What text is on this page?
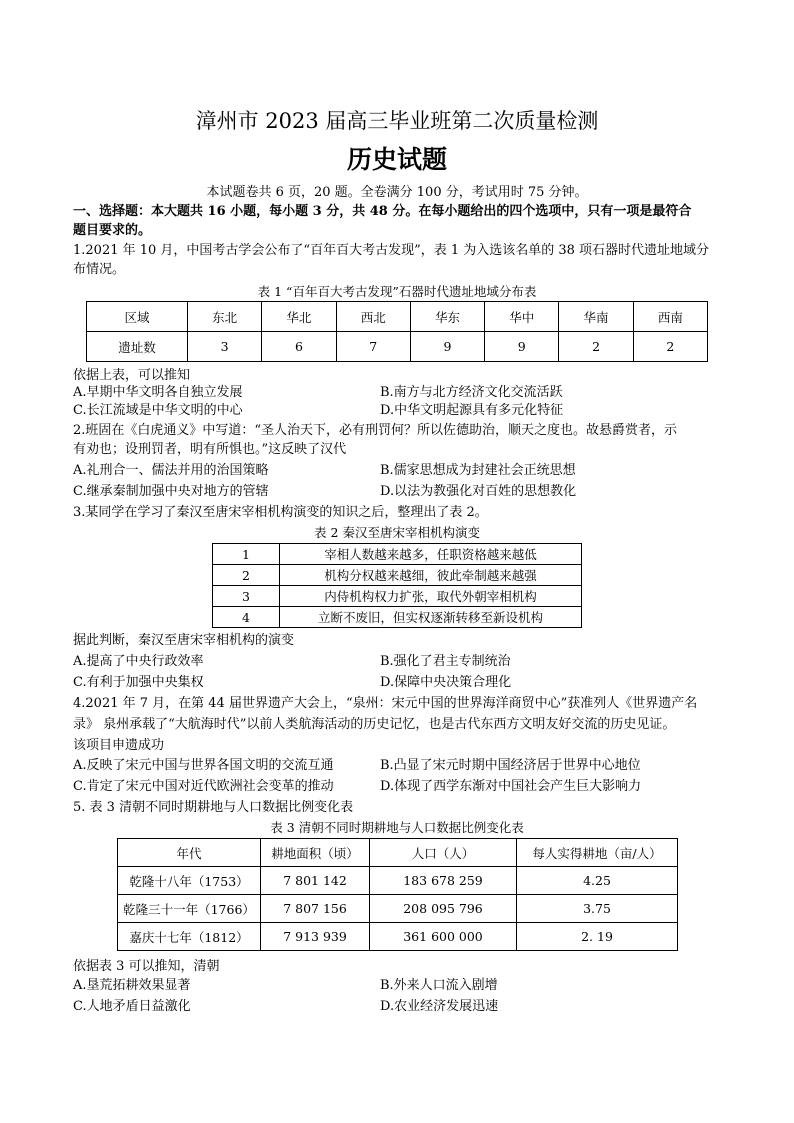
漳州市 2023 届高三毕业班第二次质量检测
历史试题
本试题卷共 6 页，20 题。全卷满分 100 分，考试用时 75 分钟。
一、选择题：本大题共 16 小题，每小题 3 分，共 48 分。在每小题给出的四个选项中，只有一项是最符合
题目要求的。
1.2021 年 10 月，中国考古学会公布了“百年百大考古发现”，表 1 为入选该名单的 38 项石器时代遗址地域分
布情况。
表 1 “百年百大考古发现”石器时代遗址地域分布表
区域	东北	华北	西北	华东	华中	华南	西南
遗址数	3	6	7	9	9	2	2
依据上表，可以推知
A.早期中华文明各自独立发展	B.南方与北方经济文化交流活跃
C.长江流域是中华文明的中心	D.中华文明起源具有多元化特征
2.班固在《白虎通义》中写道：“圣人治天下，必有刑罚何？所以佐德助治，顺天之度也。故悬爵赏者，示
有劝也；设刑罚者，明有所惧也。”这反映了汉代
A.礼刑合一、儒法并用的治国策略	B.儒家思想成为封建社会正统思想
C.继承秦制加强中央对地方的管辖	D.以法为教强化对百姓的思想教化
3.某同学在学习了秦汉至唐宋宰相机构演变的知识之后，整理出了表 2。
表 2 秦汉至唐宋宰相机构演变
1	宰相人数越来越多，任职资格越来越低
2	机构分权越来越细，彼此牵制越来越强
3	内侍机构权力扩张，取代外朝宰相机构
4	立断不废旧，但实权逐渐转移至新设机构
据此判断，秦汉至唐宋宰相机构的演变
A.提高了中央行政效率	B.强化了君主专制统治
C.有利于加强中央集权	D.保障中央决策合理化
4.2021 年 7 月，在第 44 届世界遗产大会上，“泉州：宋元中国的世界海洋商贸中心”获准列人《世界遗产名
录》 泉州承载了“大航海时代”以前人类航海活动的历史记忆，也是古代东西方文明友好交流的历史见证。
该项目申遗成功
A.反映了宋元中国与世界各国文明的交流互通	B.凸显了宋元时期中国经济居于世界中心地位
C.肯定了宋元中国对近代欧洲社会变革的推动	D.体现了西学东渐对中国社会产生巨大影响力
5. 表 3 清朝不同时期耕地与人口数据比例变化表
表 3 清朝不同时期耕地与人口数据比例变化表
年代	耕地面积（顷）	人口（人）	每人实得耕地（亩/人）
乾隆十八年（1753）	7 801 142	183 678 259	4.25
乾隆三十一年（1766）	7 807 156	208 095 796	3.75
嘉庆十七年（1812）	7 913 939	361 600 000	2. 19
依据表 3 可以推知，清朝
A.垦荒拓耕效果显著	B.外来人口流入剧增
C.人地矛盾日益激化	D.农业经济发展迅速
